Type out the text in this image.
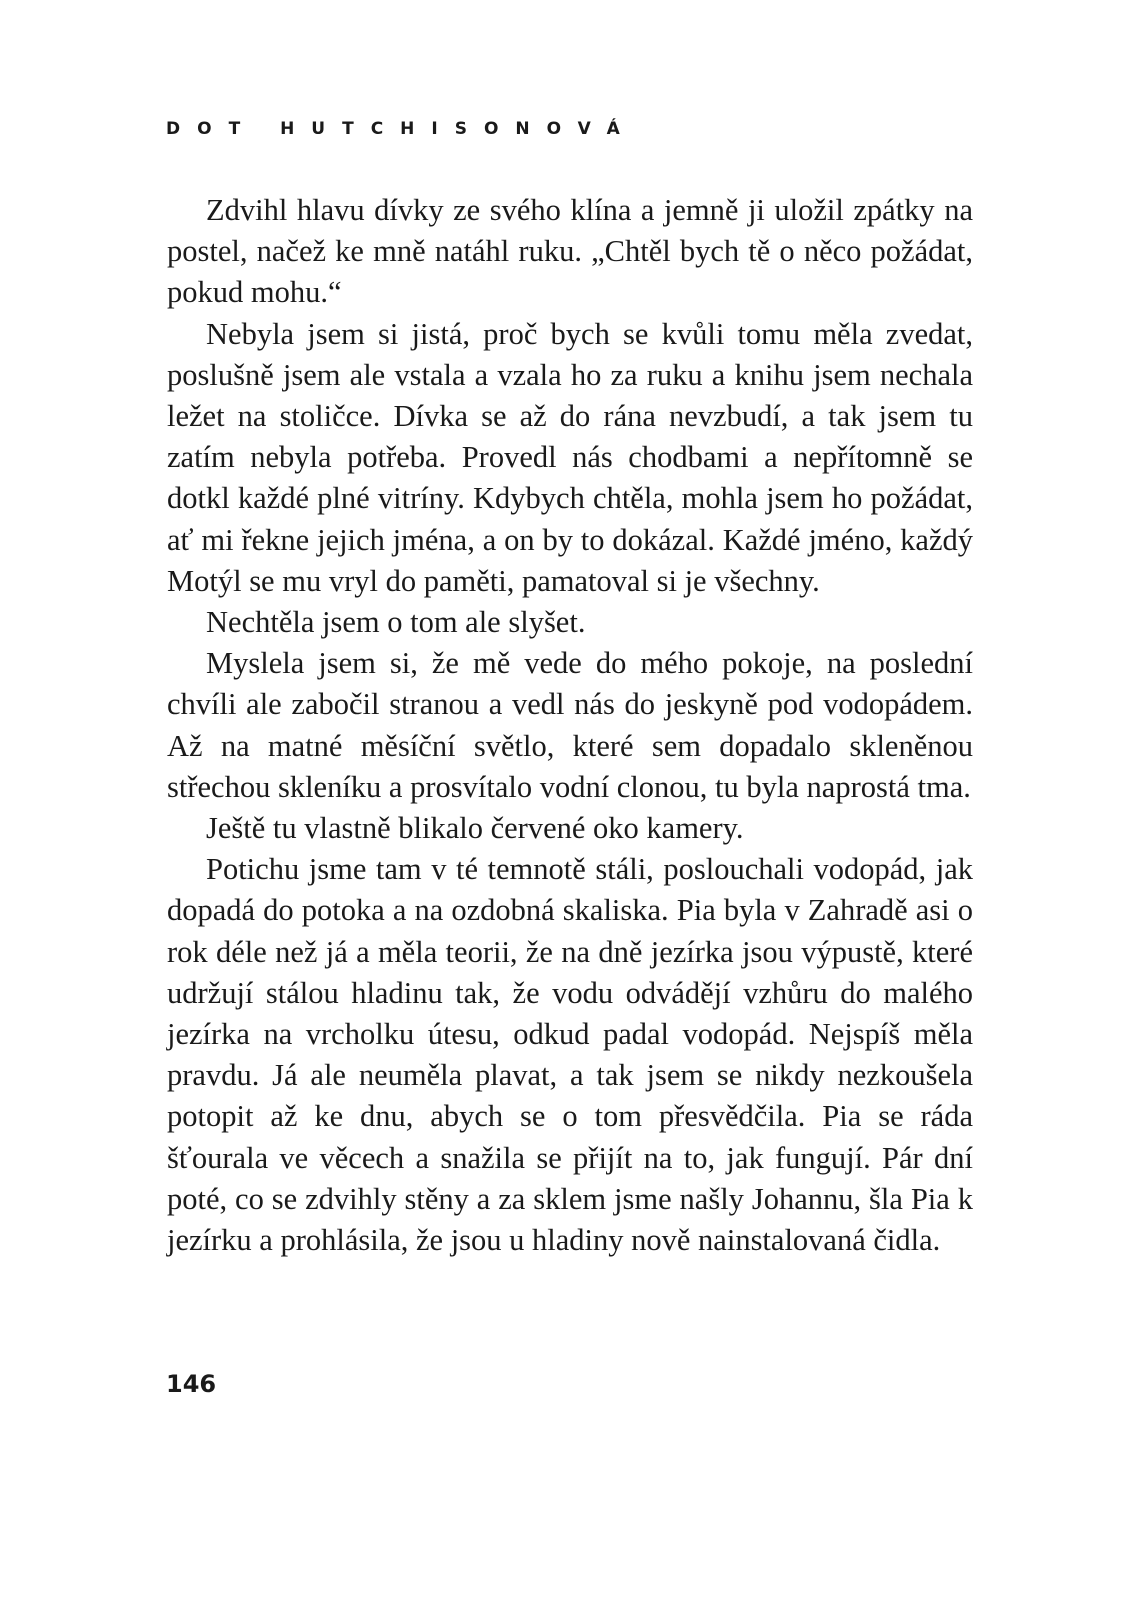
DOT HUTCHISONOVÁ

Zdvihl hlavu dívky ze svého klína a jemně ji uložil zpátky na postel, načež ke mně natáhl ruku. „Chtěl bych tě o něco požádat, pokud mohu.“

Nebyla jsem si jistá, proč bych se kvůli tomu měla zvedat, poslušně jsem ale vstala a vzala ho za ruku a knihu jsem nechala ležet na stoličce. Dívka se až do rána nevzbudí, a tak jsem tu zatím nebyla potřeba. Provedl nás chodbami a nepřítomně se dotkl každé plné vitríny. Kdybych chtěla, mohla jsem ho požádat, ať mi řekne jejich jména, a on by to dokázal. Každé jméno, každý Motýl se mu vryl do paměti, pamatoval si je všechny.

Nechtěla jsem o tom ale slyšet.

Myslela jsem si, že mě vede do mého pokoje, na poslední chvíli ale zabočil stranou a vedl nás do jeskyně pod vodopádem. Až na matné měsíční světlo, které sem dopadalo skleněnou střechou skleníku a prosvítalo vodní clonou, tu byla naprostá tma.

Ještě tu vlastně blikalo červené oko kamery.

Potichu jsme tam v té temnotě stáli, poslouchali vodopád, jak dopadá do potoka a na ozdobná skaliska. Pia byla v Zahradě asi o rok déle než já a měla teorii, že na dně jezírka jsou výpustě, které udržují stálou hladinu tak, že vodu odvádějí vzhůru do malého jezírka na vrcholku útesu, odkud padal vodopád. Nejspíš měla pravdu. Já ale neuměla plavat, a tak jsem se nikdy nezkoušela potopit až ke dnu, abych se o tom přesvědčila. Pia se ráda šťourala ve věcech a snažila se přijít na to, jak fungují. Pár dní poté, co se zdvihly stěny a za sklem jsme našly Johannu, šla Pia k jezírku a prohlásila, že jsou u hladiny nově nainstalovaná čidla.

146
